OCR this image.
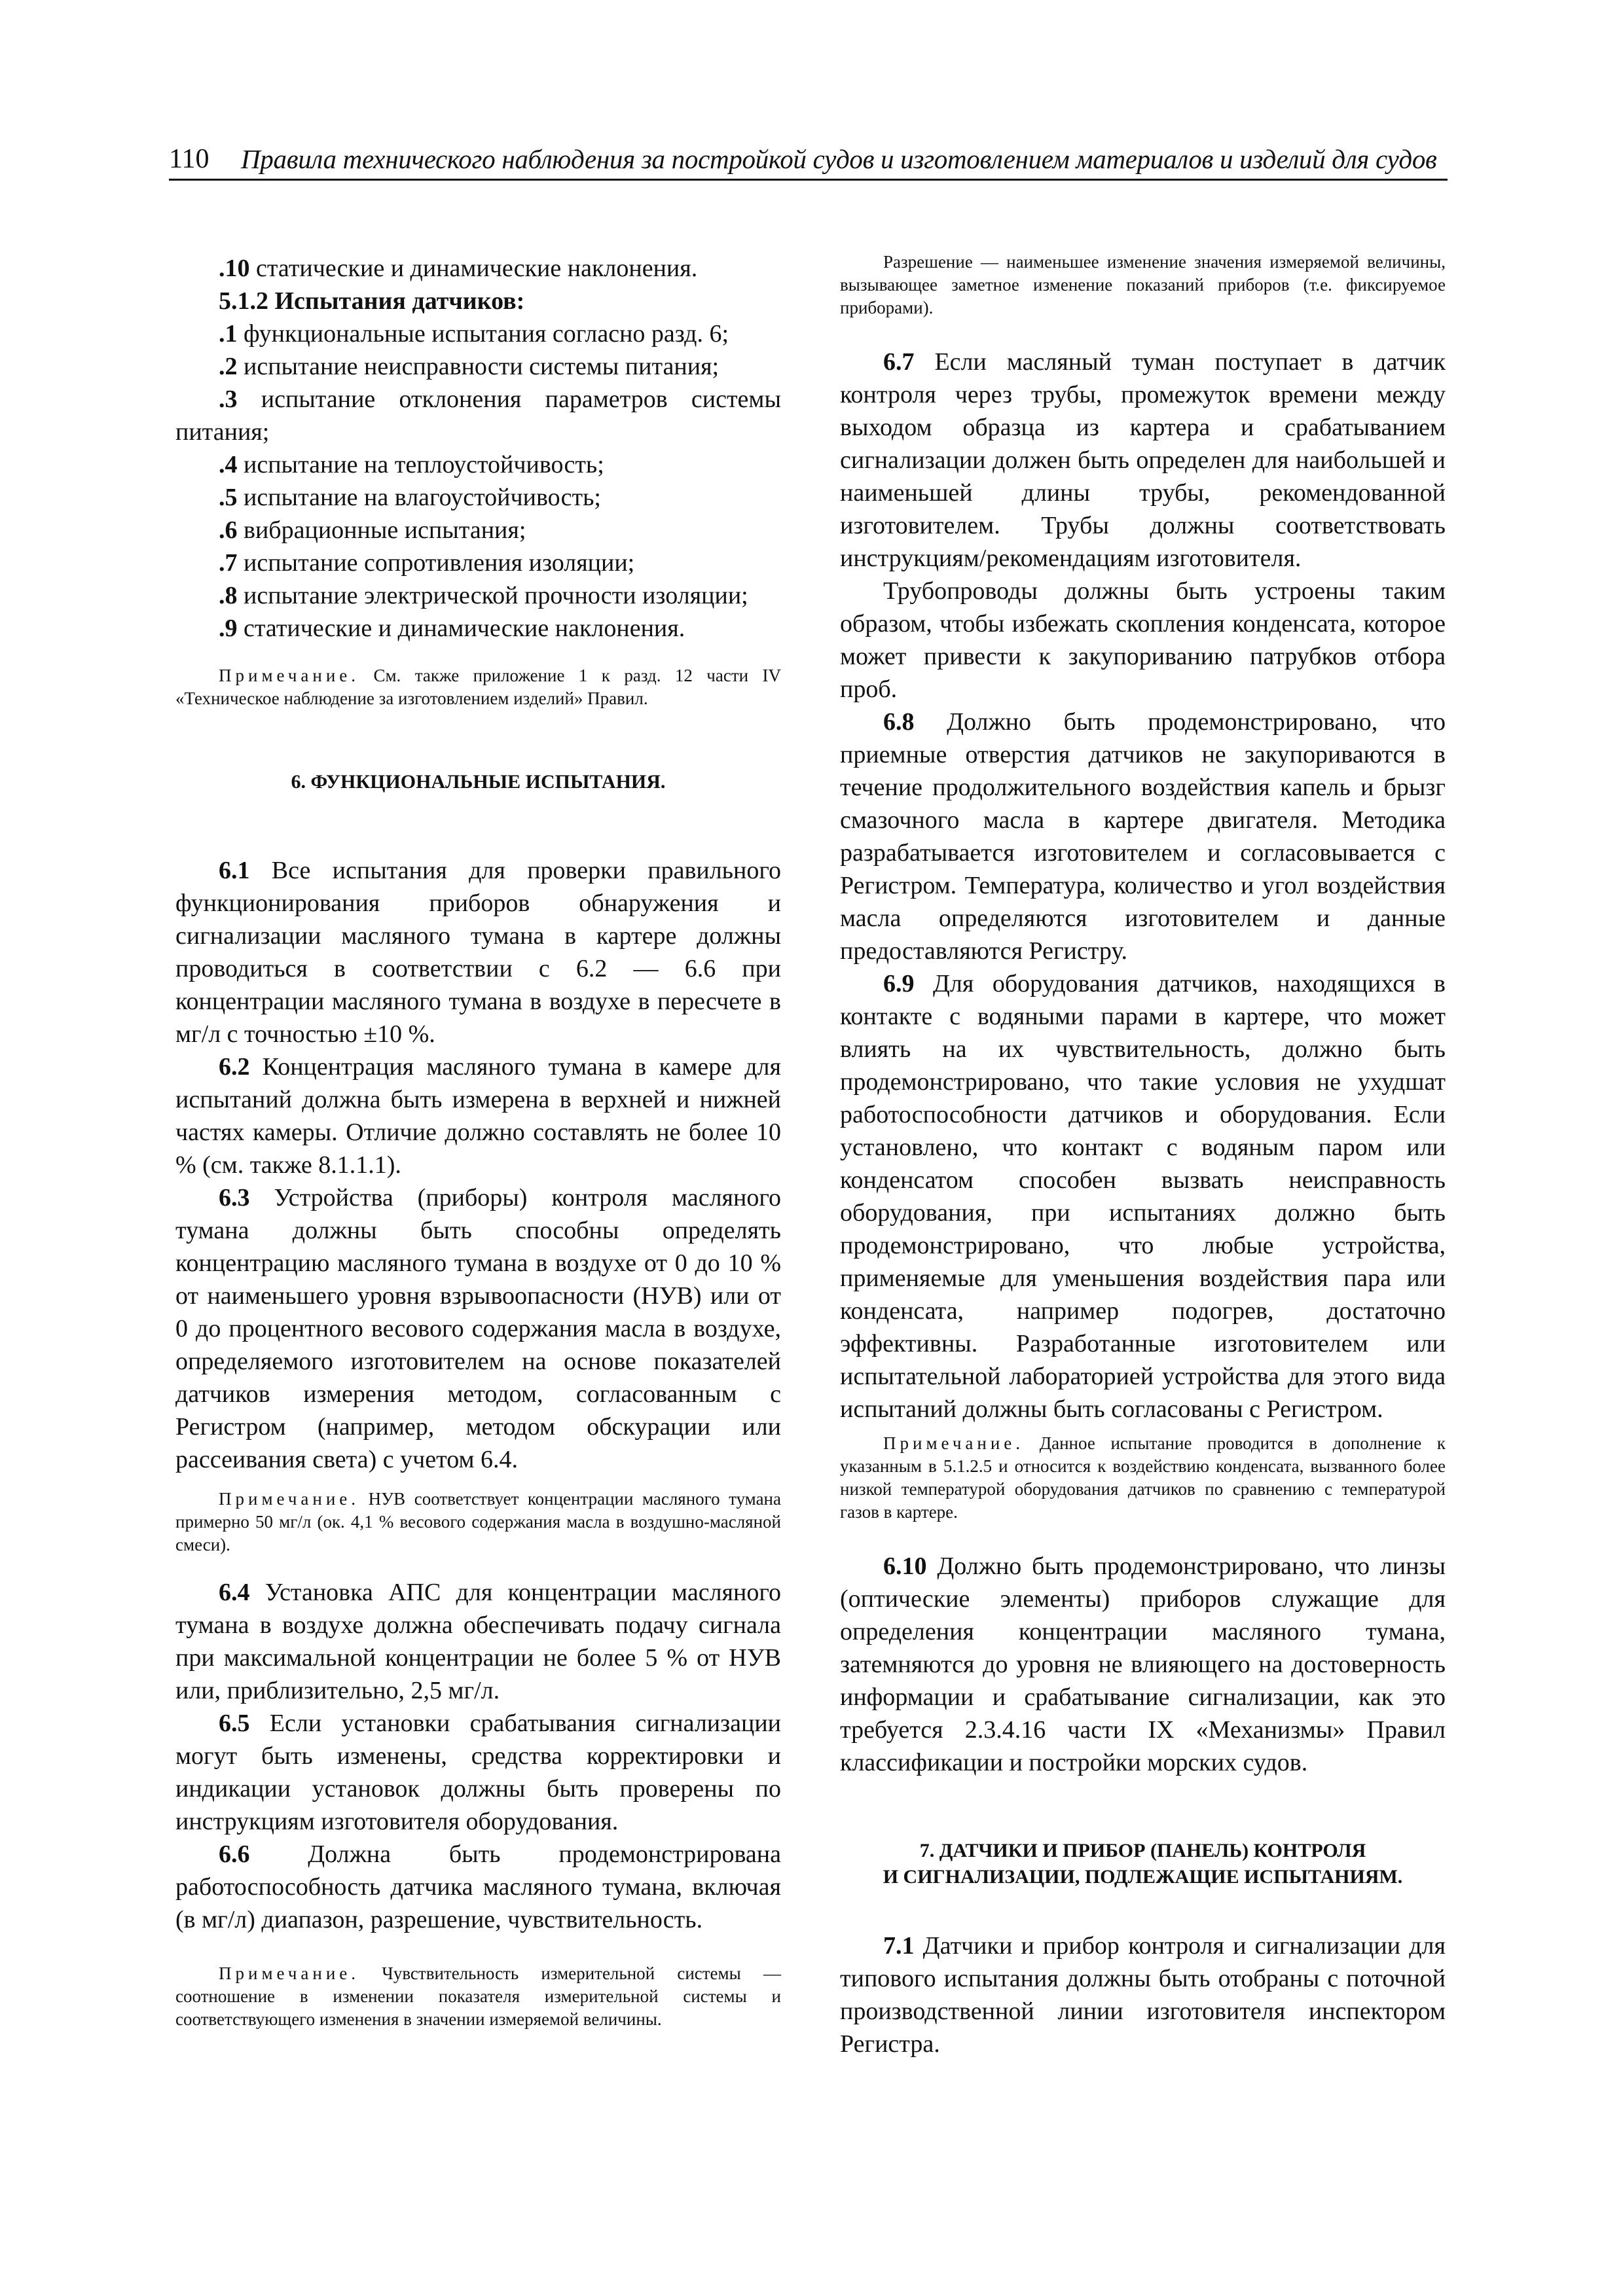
110	Правила технического наблюдения за постройкой судов и изготовлением материалов и изделий для судов

.10 статические и динамические наклонения.

5.1.2 Испытания датчиков:

.1 функциональные испытания согласно разд. 6;

.2 испытание неисправности системы питания;

.3 испытание отклонения параметров системы питания;

.4 испытание на теплоустойчивость;

.5 испытание на влагоустойчивость;

.6 вибрационные испытания;

.7 испытание сопротивления изоляции;

.8 испытание электрической прочности изоляции;

.9 статические и динамические наклонения.

Примечание. См. также приложение 1 к разд. 12 части IV «Техническое наблюдение за изготовлением изделий» Правил.

6. ФУНКЦИОНАЛЬНЫЕ ИСПЫТАНИЯ.

6.1 Все испытания для проверки правильного функционирования приборов обнаружения и сигнализации масляного тумана в картере должны проводиться в соответствии с 6.2 — 6.6 при концентрации масляного тумана в воздухе в пересчете в мг/л с точностью ±10 %.

6.2 Концентрация масляного тумана в камере для испытаний должна быть измерена в верхней и нижней частях камеры. Отличие должно составлять не более 10 % (см. также 8.1.1.1).

6.3 Устройства (приборы) контроля масляного тумана должны быть способны определять концентрацию масляного тумана в воздухе от 0 до 10 % от наименьшего уровня взрывоопасности (НУВ) или от 0 до процентного весового содержания масла в воздухе, определяемого изготовителем на основе показателей датчиков измерения методом, согласованным с Регистром (например, методом обскурации или рассеивания света) с учетом 6.4.

Примечание. НУВ соответствует концентрации масляного тумана примерно 50 мг/л (ок. 4,1 % весового содержания масла в воздушно-масляной смеси).

6.4 Установка АПС для концентрации масляного тумана в воздухе должна обеспечивать подачу сигнала при максимальной концентрации не более 5 % от НУВ или, приблизительно, 2,5 мг/л.

6.5 Если установки срабатывания сигнализации могут быть изменены, средства корректировки и индикации установок должны быть проверены по инструкциям изготовителя оборудования.

6.6 Должна быть продемонстрирована работоспособность датчика масляного тумана, включая (в мг/л) диапазон, разрешение, чувствительность.

Примечание. Чувствительность измерительной системы — соотношение в изменении показателя измерительной системы и соответствующего изменения в значении измеряемой величины.

Разрешение — наименьшее изменение значения измеряемой величины, вызывающее заметное изменение показаний приборов (т.е. фиксируемое приборами).

6.7 Если масляный туман поступает в датчик контроля через трубы, промежуток времени между выходом образца из картера и срабатыванием сигнализации должен быть определен для наибольшей и наименьшей длины трубы, рекомендованной изготовителем. Трубы должны соответствовать инструкциям/рекомендациям изготовителя.

Трубопроводы должны быть устроены таким образом, чтобы избежать скопления конденсата, которое может привести к закупориванию патрубков отбора проб.

6.8 Должно быть продемонстрировано, что приемные отверстия датчиков не закупориваются в течение продолжительного воздействия капель и брызг смазочного масла в картере двигателя. Методика разрабатывается изготовителем и согласовывается с Регистром. Температура, количество и угол воздействия масла определяются изготовителем и данные предоставляются Регистру.

6.9 Для оборудования датчиков, находящихся в контакте с водяными парами в картере, что может влиять на их чувствительность, должно быть продемонстрировано, что такие условия не ухудшат работоспособности датчиков и оборудования. Если установлено, что контакт с водяным паром или конденсатом способен вызвать неисправность оборудования, при испытаниях должно быть продемонстрировано, что любые устройства, применяемые для уменьшения воздействия пара или конденсата, например подогрев, достаточно эффективны. Разработанные изготовителем или испытательной лабораторией устройства для этого вида испытаний должны быть согласованы с Регистром.

Примечание. Данное испытание проводится в дополнение к указанным в 5.1.2.5 и относится к воздействию конденсата, вызванного более низкой температурой оборудования датчиков по сравнению с температурой газов в картере.

6.10 Должно быть продемонстрировано, что линзы (оптические элементы) приборов служащие для определения концентрации масляного тумана, затемняются до уровня не влияющего на достоверность информации и срабатывание сигнализации, как это требуется 2.3.4.16 части IX «Механизмы» Правил классификации и постройки морских судов.

7. ДАТЧИКИ И ПРИБОР (ПАНЕЛЬ) КОНТРОЛЯ
И СИГНАЛИЗАЦИИ, ПОДЛЕЖАЩИЕ ИСПЫТАНИЯМ.

7.1 Датчики и прибор контроля и сигнализации для типового испытания должны быть отобраны с поточной производственной линии изготовителя инспектором Регистра.
